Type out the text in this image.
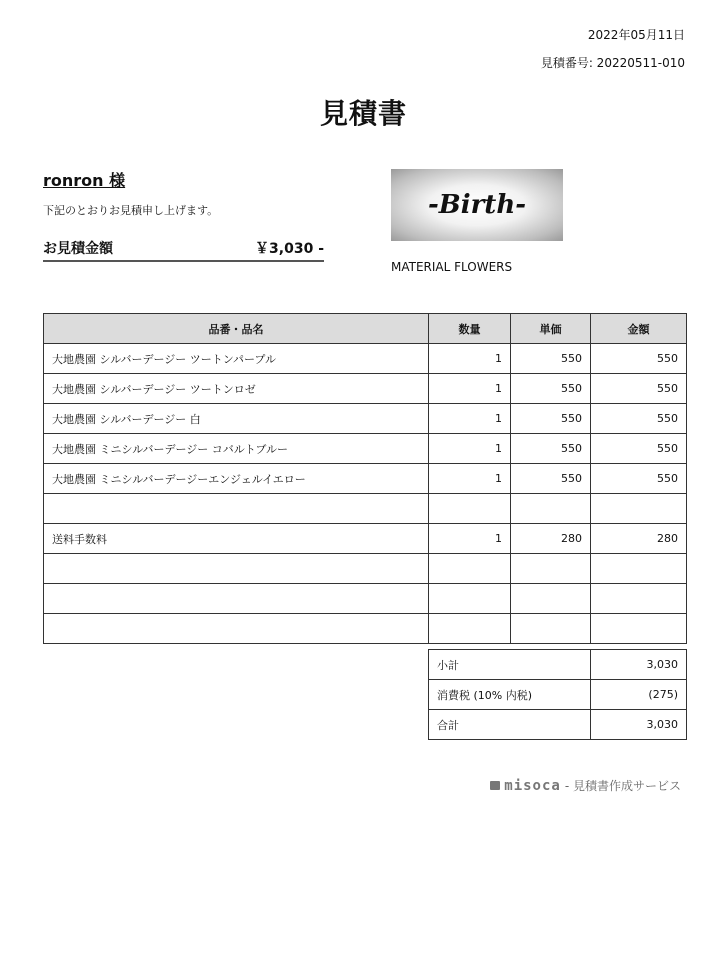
2022年05月11日
見積番号: 20220511-010
見積書
ronron 様
下記のとおりお見積申し上げます。
お見積金額	￥3,030 -
-Birth-
MATERIAL FLOWERS
品番・品名	数量	単価	金額
大地農園 シルバーデージー ツートンパープル	1	550	550
大地農園 シルバーデージー ツートンロゼ	1	550	550
大地農園 シルバーデージー 白	1	550	550
大地農園 ミニシルバーデージー コバルトブルー	1	550	550
大地農園 ミニシルバーデージーエンジェルイエロー	1	550	550

送料手数料	1	280	280

小計	3,030
消費税 (10% 内税)	(275)
合計	3,030
misoca - 見積書作成サービス
